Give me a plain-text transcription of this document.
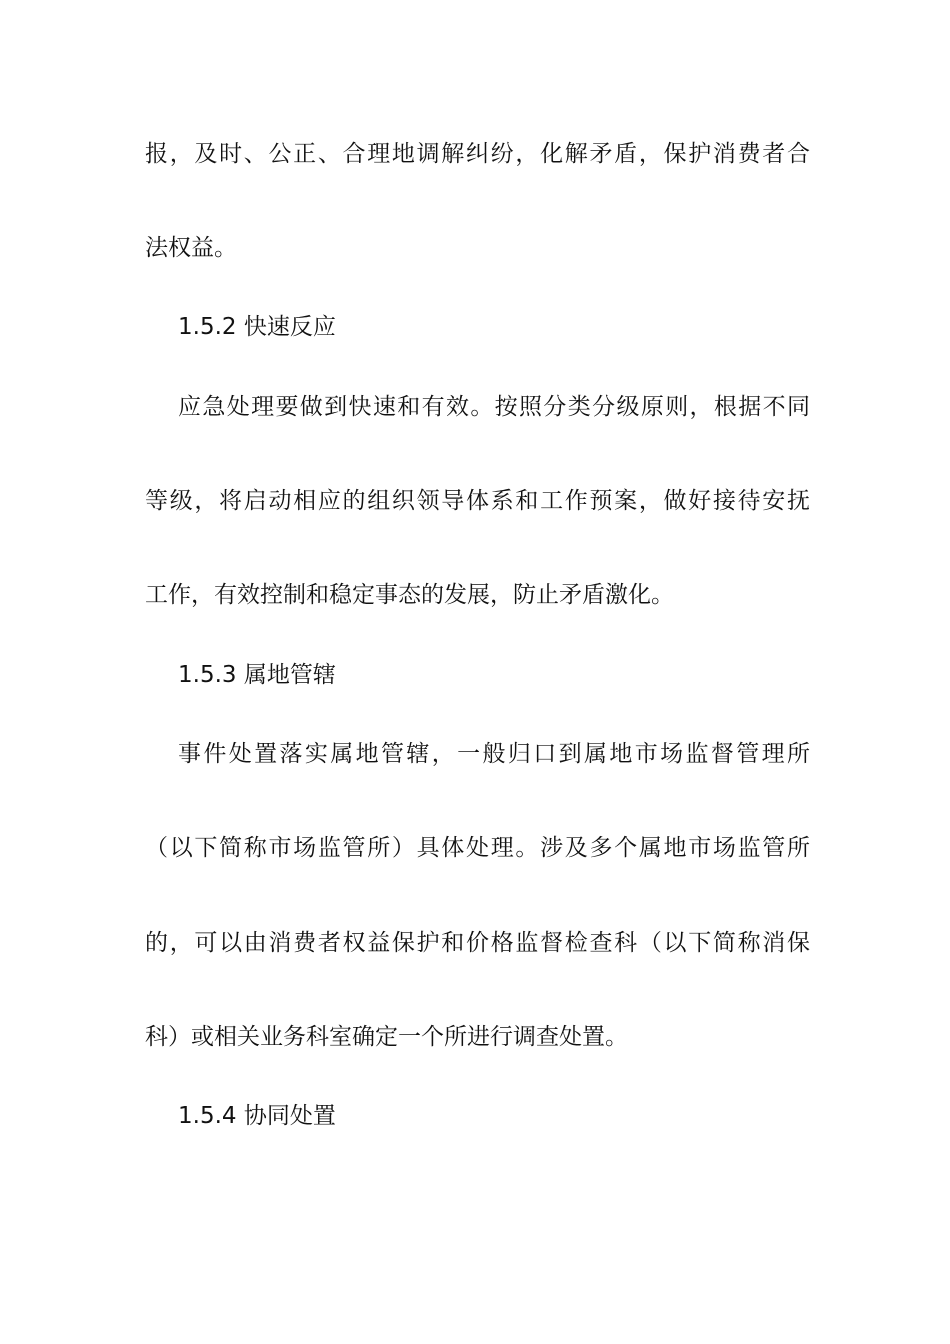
报，及时、公正、合理地调解纠纷，化解矛盾，保护消费者合
法权益。
1.5.2 快速反应
应急处理要做到快速和有效。按照分类分级原则，根据不同
等级，将启动相应的组织领导体系和工作预案，做好接待安抚
工作，有效控制和稳定事态的发展，防止矛盾激化。
1.5.3 属地管辖
事件处置落实属地管辖，一般归口到属地市场监督管理所
（以下简称市场监管所）具体处理。涉及多个属地市场监管所
的，可以由消费者权益保护和价格监督检查科（以下简称消保
科）或相关业务科室确定一个所进行调查处置。
1.5.4 协同处置
